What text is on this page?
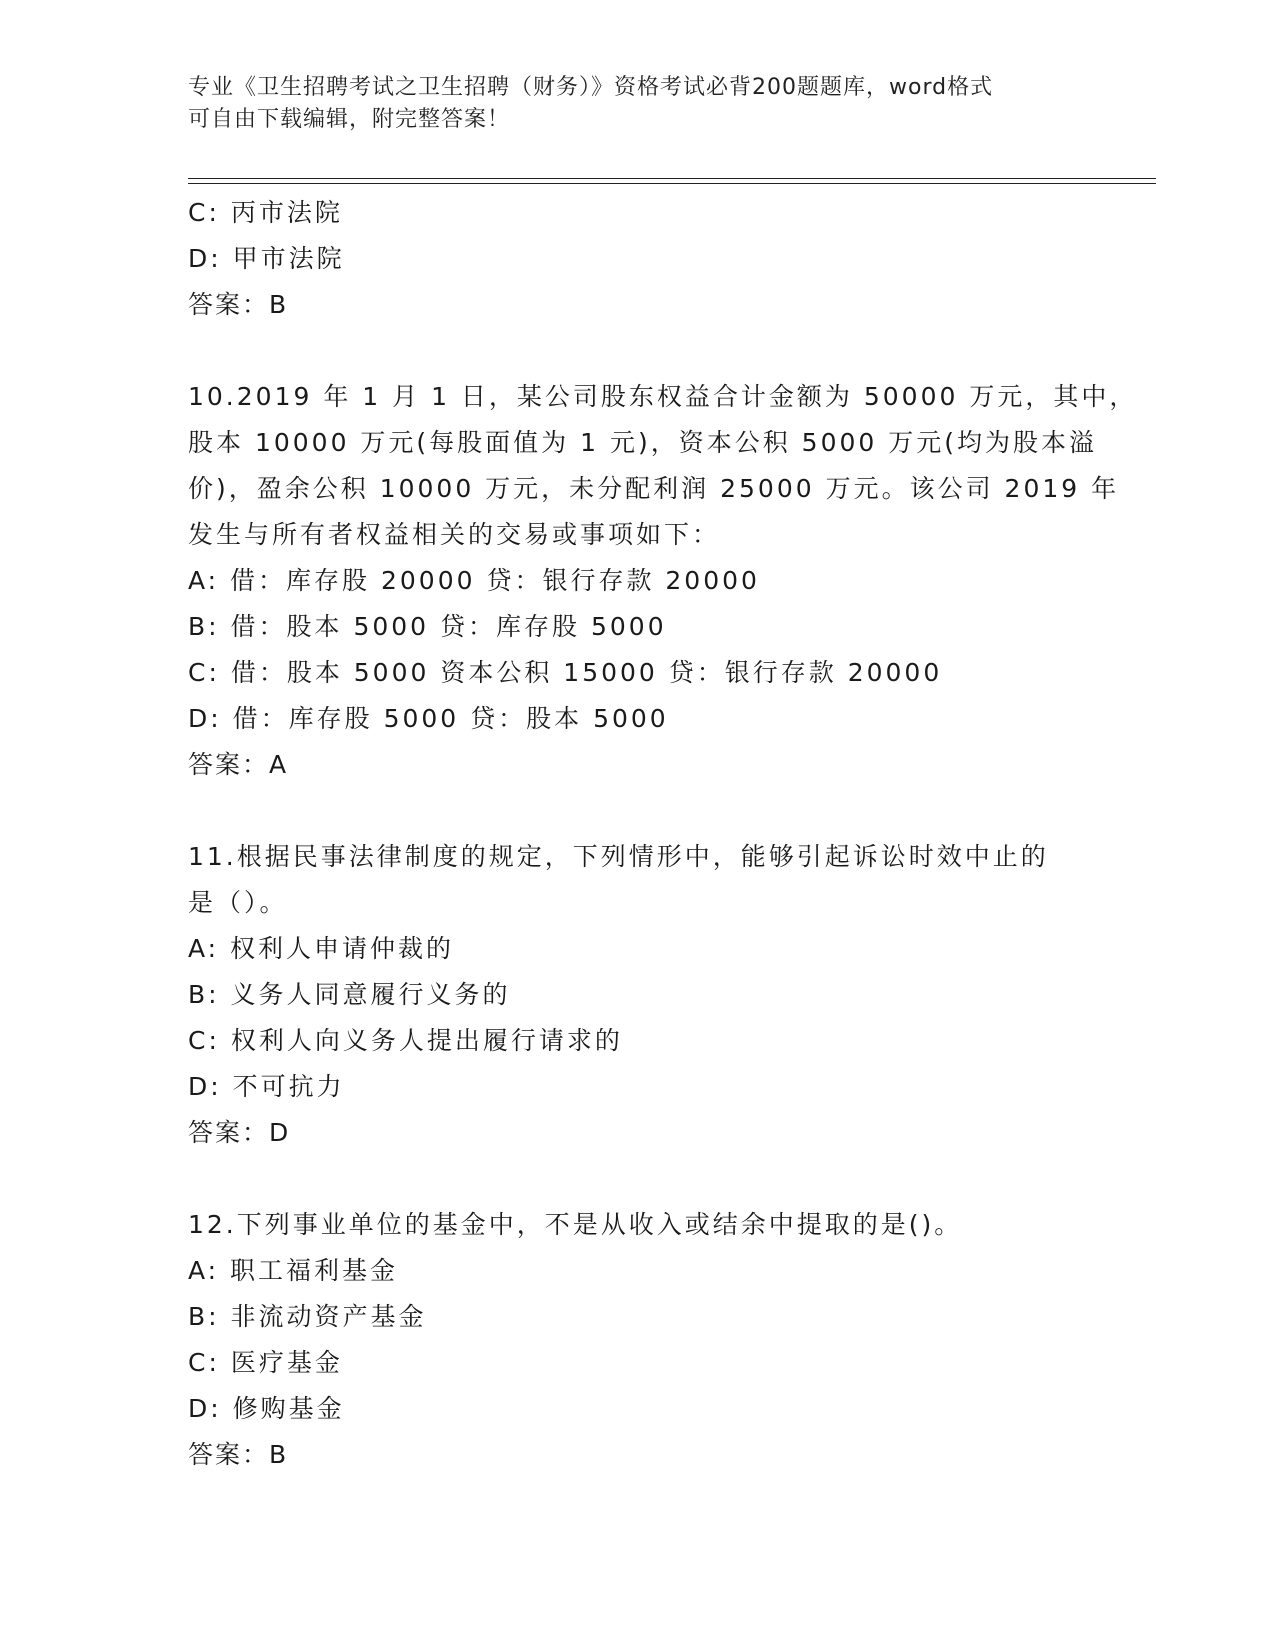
专业《卫生招聘考试之卫生招聘（财务）》资格考试必背200题题库，word格式

可自由下载编辑，附完整答案！

C: 丙市法院
D: 甲市法院
答案：B
10.2019 年 1 月 1 日，某公司股东权益合计金额为 50000 万元，其中，
股本 10000 万元(每股面值为 1 元)，资本公积 5000 万元(均为股本溢
价)，盈余公积 10000 万元，未分配利润 25000 万元。该公司 2019 年
发生与所有者权益相关的交易或事项如下：
A: 借：库存股 20000 贷：银行存款 20000
B: 借：股本 5000 贷：库存股 5000
C: 借：股本 5000 资本公积 15000 贷：银行存款 20000
D: 借：库存股 5000 贷：股本 5000
答案：A
11.根据民事法律制度的规定，下列情形中，能够引起诉讼时效中止的
是（）。
A: 权利人申请仲裁的
B: 义务人同意履行义务的
C: 权利人向义务人提出履行请求的
D: 不可抗力
答案：D
12.下列事业单位的基金中，不是从收入或结余中提取的是()。
A: 职工福利基金
B: 非流动资产基金
C: 医疗基金
D: 修购基金
答案：B
